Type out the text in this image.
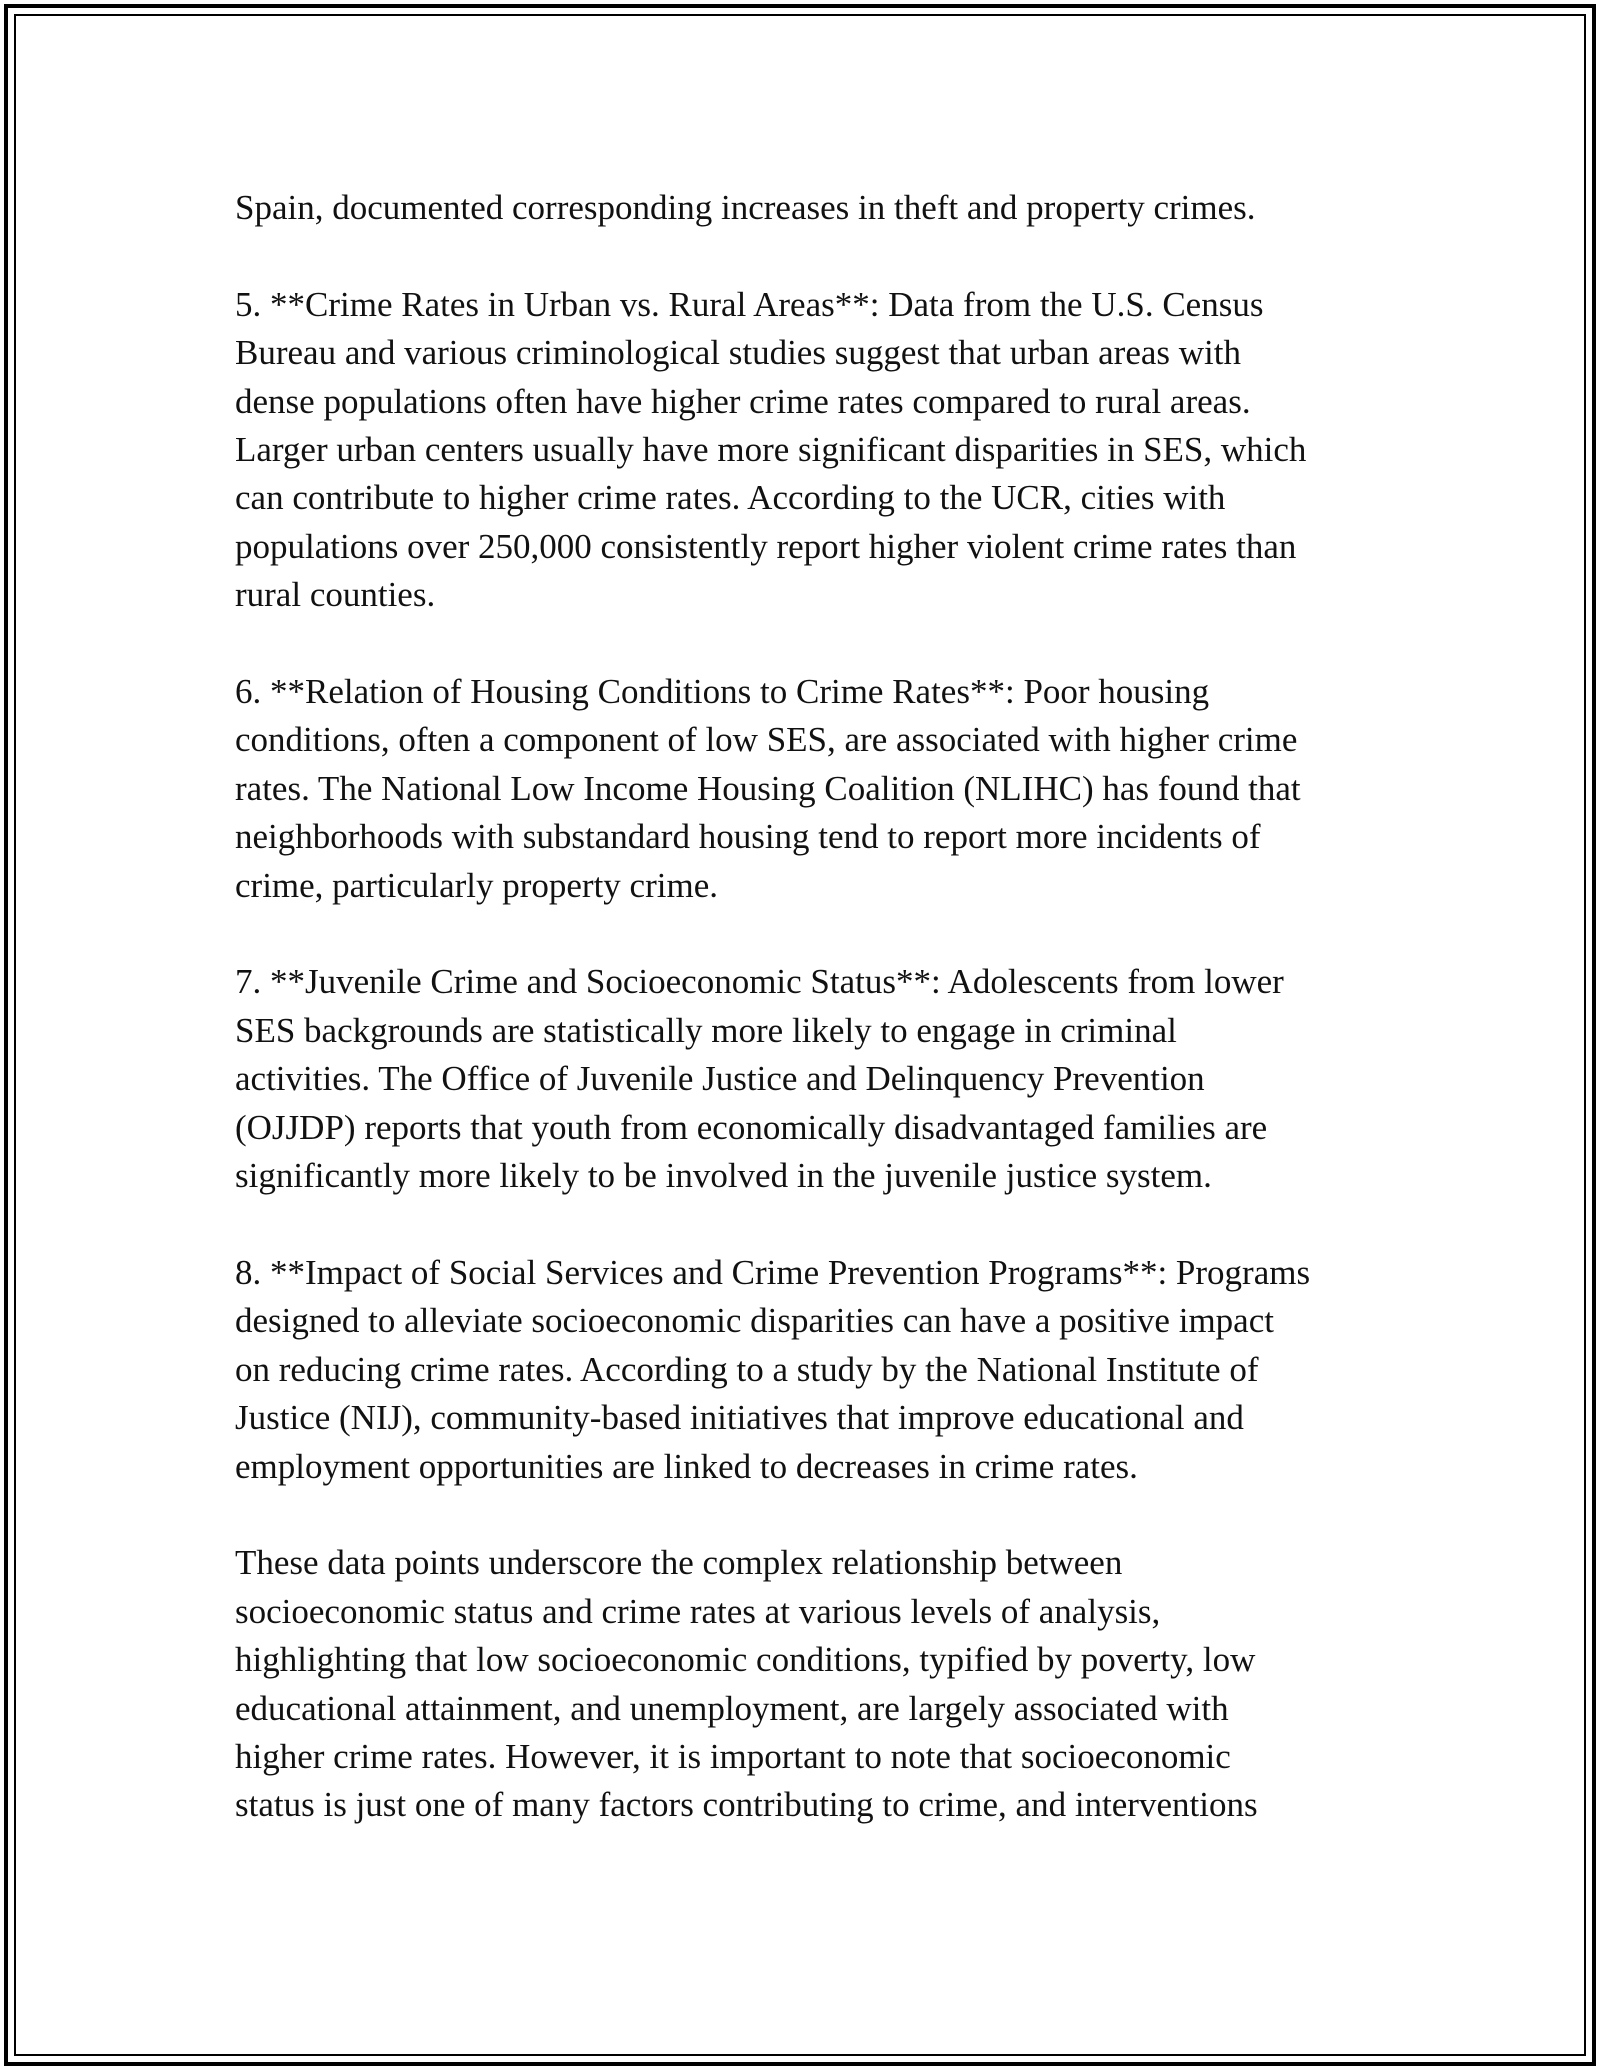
Spain, documented corresponding increases in theft and property crimes.

5. **Crime Rates in Urban vs. Rural Areas**: Data from the U.S. Census
Bureau and various criminological studies suggest that urban areas with
dense populations often have higher crime rates compared to rural areas.
Larger urban centers usually have more significant disparities in SES, which
can contribute to higher crime rates. According to the UCR, cities with
populations over 250,000 consistently report higher violent crime rates than
rural counties.

6. **Relation of Housing Conditions to Crime Rates**: Poor housing
conditions, often a component of low SES, are associated with higher crime
rates. The National Low Income Housing Coalition (NLIHC) has found that
neighborhoods with substandard housing tend to report more incidents of
crime, particularly property crime.

7. **Juvenile Crime and Socioeconomic Status**: Adolescents from lower
SES backgrounds are statistically more likely to engage in criminal
activities. The Office of Juvenile Justice and Delinquency Prevention
(OJJDP) reports that youth from economically disadvantaged families are
significantly more likely to be involved in the juvenile justice system.

8. **Impact of Social Services and Crime Prevention Programs**: Programs
designed to alleviate socioeconomic disparities can have a positive impact
on reducing crime rates. According to a study by the National Institute of
Justice (NIJ), community-based initiatives that improve educational and
employment opportunities are linked to decreases in crime rates.

These data points underscore the complex relationship between
socioeconomic status and crime rates at various levels of analysis,
highlighting that low socioeconomic conditions, typified by poverty, low
educational attainment, and unemployment, are largely associated with
higher crime rates. However, it is important to note that socioeconomic
status is just one of many factors contributing to crime, and interventions
